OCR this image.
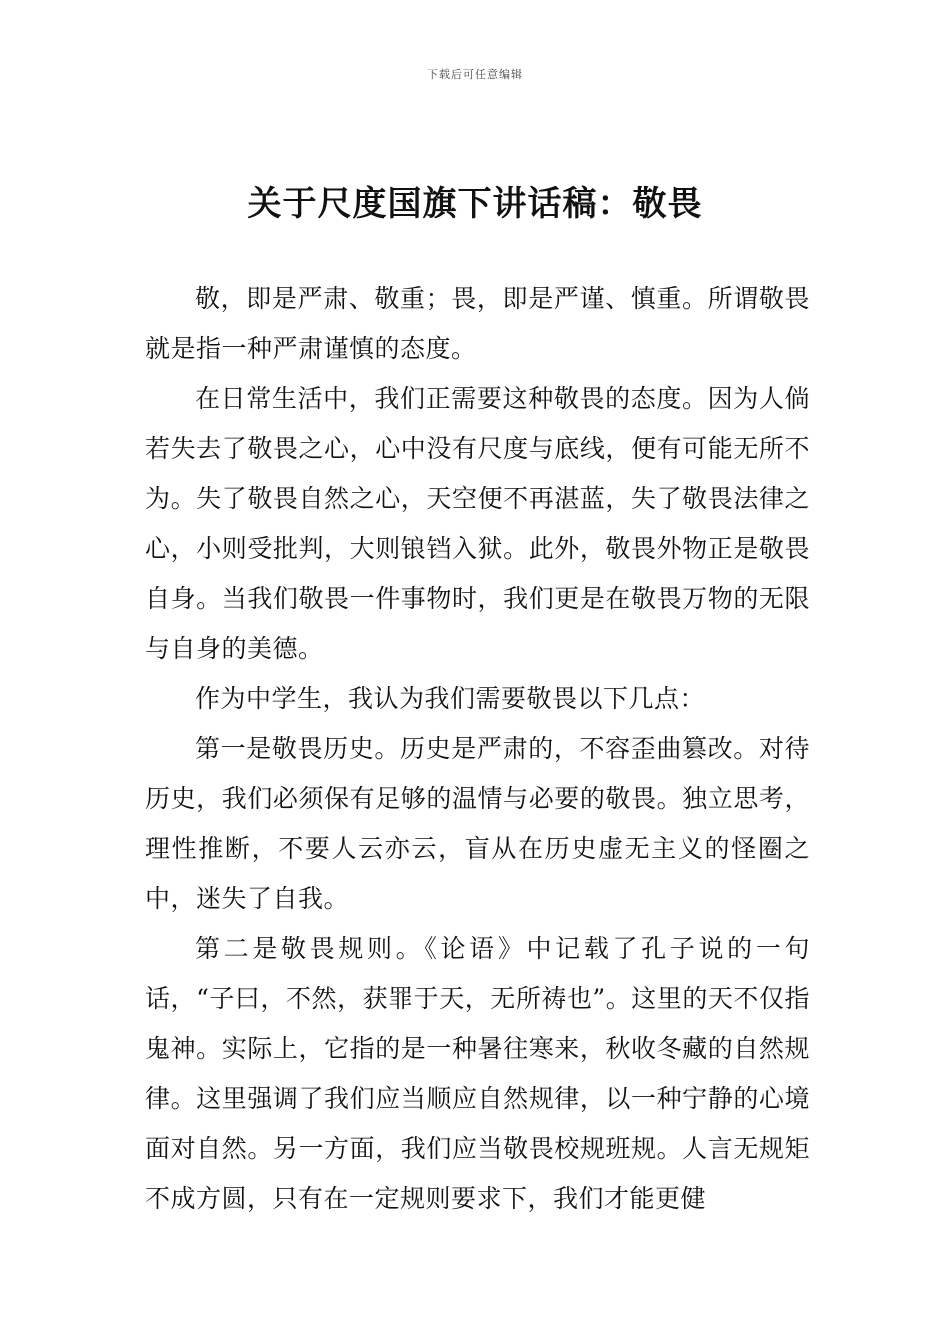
下载后可任意编辑
关于尺度国旗下讲话稿：敬畏

敬，即是严肃、敬重；畏，即是严谨、慎重。所谓敬畏就是指一种严肃谨慎的态度。

在日常生活中，我们正需要这种敬畏的态度。因为人倘若失去了敬畏之心，心中没有尺度与底线，便有可能无所不为。失了敬畏自然之心，天空便不再湛蓝，失了敬畏法律之心，小则受批判，大则锒铛入狱。此外，敬畏外物正是敬畏自身。当我们敬畏一件事物时，我们更是在敬畏万物的无限与自身的美德。

作为中学生，我认为我们需要敬畏以下几点：

第一是敬畏历史。历史是严肃的，不容歪曲篡改。对待历史，我们必须保有足够的温情与必要的敬畏。独立思考，理性推断，不要人云亦云，盲从在历史虚无主义的怪圈之中，迷失了自我。

第二是敬畏规则。《论语》中记载了孔子说的一句话，“子曰，不然，获罪于天，无所祷也”。这里的天不仅指鬼神。实际上，它指的是一种暑往寒来，秋收冬藏的自然规律。这里强调了我们应当顺应自然规律，以一种宁静的心境面对自然。另一方面，我们应当敬畏校规班规。人言无规矩不成方圆，只有在一定规则要求下，我们才能更健
